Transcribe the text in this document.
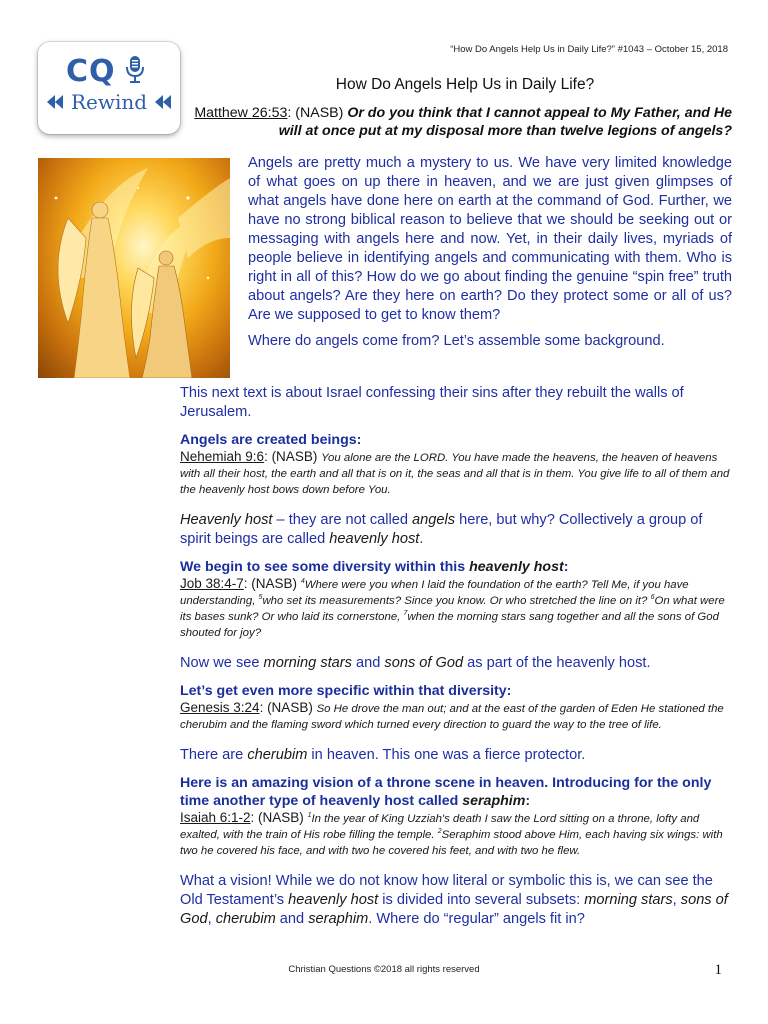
CQ
Rewind
“How Do Angels Help Us in Daily Life?” #1043 – October 15, 2018
How Do Angels Help Us in Daily Life?
Matthew 26:53: (NASB) Or do you think that I cannot appeal to My Father, and He will at once put at my disposal more than twelve legions of angels?

Angels are pretty much a mystery to us. We have very limited knowledge of what goes on up there in heaven, and we are just given glimpses of what angels have done here on earth at the command of God. Further, we have no strong biblical reason to believe that we should be seeking out or messaging with angels here and now. Yet, in their daily lives, myriads of people believe in identifying angels and communicating with them. Who is right in all of this? How do we go about finding the genuine “spin free” truth about angels? Are they here on earth? Do they protect some or all of us? Are we supposed to get to know them?

Where do angels come from? Let’s assemble some background.

This next text is about Israel confessing their sins after they rebuilt the walls of Jerusalem.

Angels are created beings:

Nehemiah 9:6: (NASB) You alone are the LORD. You have made the heavens, the heaven of heavens with all their host, the earth and all that is on it, the seas and all that is in them. You give life to all of them and the heavenly host bows down before You.

Heavenly host – they are not called angels here, but why? Collectively a group of spirit beings are called heavenly host.

We begin to see some diversity within this heavenly host:

Job 38:4-7: (NASB) $^4$Where were you when I laid the foundation of the earth? Tell Me, if you have understanding, $^5$who set its measurements? Since you know. Or who stretched the line on it? $^6$On what were its bases sunk? Or who laid its cornerstone, $^7$when the morning stars sang together and all the sons of God shouted for joy?

Now we see morning stars and sons of God as part of the heavenly host.

Let’s get even more specific within that diversity:

Genesis 3:24: (NASB) So He drove the man out; and at the east of the garden of Eden He stationed the cherubim and the flaming sword which turned every direction to guard the way to the tree of life.

There are cherubim in heaven. This one was a fierce protector.

Here is an amazing vision of a throne scene in heaven. Introducing for the only time another type of heavenly host called seraphim:

Isaiah 6:1-2: (NASB) $^1$In the year of King Uzziah's death I saw the Lord sitting on a throne, lofty and exalted, with the train of His robe filling the temple. $^2$Seraphim stood above Him, each having six wings: with two he covered his face, and with two he covered his feet, and with two he flew.

What a vision! While we do not know how literal or symbolic this is, we can see the Old Testament’s heavenly host is divided into several subsets: morning stars, sons of God, cherubim and seraphim. Where do “regular” angels fit in?

Christian Questions ©2018 all rights reserved	1
